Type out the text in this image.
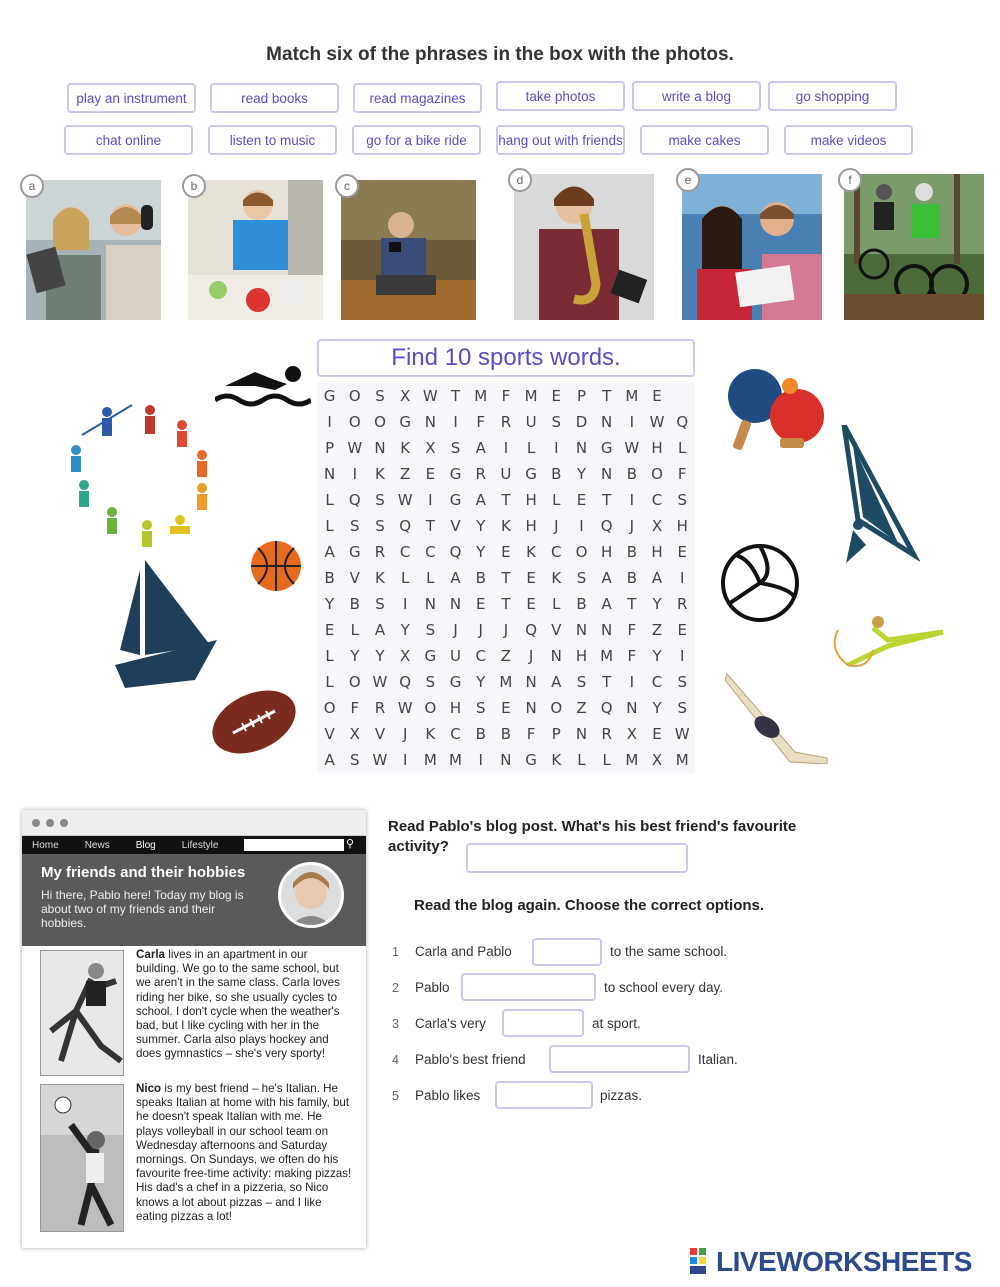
Match six of the phrases in the box with the photos.
play an instrument	read books	read magazines	take photos	write a blog	go shopping
chat online	listen to music	go for a bike ride	hang out with friends	make cakes	make videos
a	b	c	d	e	f
Find 10 sports words.
G O S	X W T M F M E	P	T M E
I	O O G N	I	F	R U S D N	I	W Q
P W N K	X	S	A	I	L	I	N G W H	L
N	I	K	Z	E G R U G B	Y N B O F
L	Q S W	I	G A	T H	L	E	T	I	C	S
L	S	S Q T	V	Y	K H	J	I	Q	J	X H
A G R C C Q Y	E	K	C O H B H E
B V	K	L	L	A B	T	E	K	S	A B A	I
Y	B	S	I	N N E	T	E	L	B A	T	Y	R
E	L	A	Y	S	J	J	J	Q V N N	F	Z	E
L	Y	Y	X G U C Z	J	N H M F	Y	I
L	O W Q S G Y M N A	S	T	I	C	S
O F	R W O H S	E N O Z Q N Y	S
V X V	J	K	C B B	F	P	N R X	E W
A	S W	I	M M	I	N G K	L	L M X M
Home	News	Blog	Lifestyle	⚲
My friends and their hobbies

Hi there, Pablo here! Today my blog is about two of my friends and their hobbies.

Carla lives in an apartment in our building. We go to the same school, but we aren't in the same class. Carla loves riding her bike, so she usually cycles to school. I don't cycle when the weather's bad, but I like cycling with her in the summer. Carla also plays hockey and does gymnastics – she's very sporty!
Nico is my best friend – he's Italian. He speaks Italian at home with his family, but he doesn't speak Italian with me. He plays volleyball in our school team on Wednesday afternoons and Saturday mornings. On Sundays, we often do his favourite free-time activity: making pizzas! His dad's a chef in a pizzeria, so Nico knows a lot about pizzas – and I like eating pizzas a lot!
Read Pablo's blog post. What's his best friend's favourite
activity?
Read the blog again. Choose the correct options.
1 Carla and Pablo	to the same school.
2 Pablo	to school every day.
3 Carla's very	at sport.
4 Pablo's best friend	Italian.
5 Pablo likes	pizzas.
LIVEWORKSHEETS
